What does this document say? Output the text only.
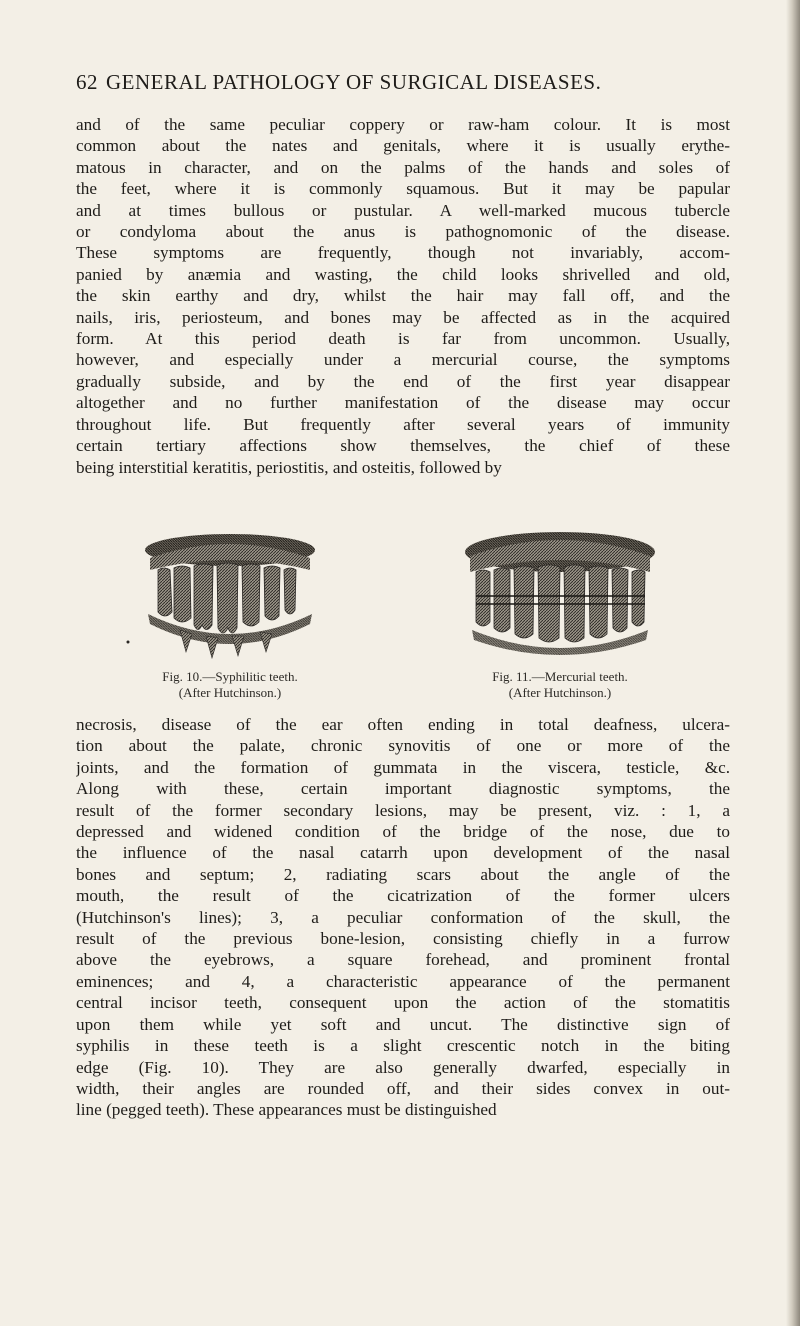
62 GENERAL PATHOLOGY OF SURGICAL DISEASES.
and of the same peculiar coppery or raw-ham colour. It is most
common about the nates and genitals, where it is usually erythe-
matous in character, and on the palms of the hands and soles of
the feet, where it is commonly squamous. But it may be papular
and at times bullous or pustular. A well-marked mucous tubercle
or condyloma about the anus is pathognomonic of the disease.
These symptoms are frequently, though not invariably, accom-
panied by anæmia and wasting, the child looks shrivelled and old,
the skin earthy and dry, whilst the hair may fall off, and the
nails, iris, periosteum, and bones may be affected as in the acquired
form. At this period death is far from uncommon. Usually,
however, and especially under a mercurial course, the symptoms
gradually subside, and by the end of the first year disappear
altogether and no further manifestation of the disease may occur
throughout life. But frequently after several years of immunity
certain tertiary affections show themselves, the chief of these
being interstitial keratitis, periostitis, and osteitis, followed by
Fig. 10.—Syphilitic teeth.
(After Hutchinson.)
Fig. 11.—Mercurial teeth.
(After Hutchinson.)
necrosis, disease of the ear often ending in total deafness, ulcera-
tion about the palate, chronic synovitis of one or more of the
joints, and the formation of gummata in the viscera, testicle, &c.
Along with these, certain important diagnostic symptoms, the
result of the former secondary lesions, may be present, viz. : 1, a
depressed and widened condition of the bridge of the nose, due to
the influence of the nasal catarrh upon development of the nasal
bones and septum; 2, radiating scars about the angle of the
mouth, the result of the cicatrization of the former ulcers
(Hutchinson's lines); 3, a peculiar conformation of the skull, the
result of the previous bone-lesion, consisting chiefly in a furrow
above the eyebrows, a square forehead, and prominent frontal
eminences; and 4, a characteristic appearance of the permanent
central incisor teeth, consequent upon the action of the stomatitis
upon them while yet soft and uncut. The distinctive sign of
syphilis in these teeth is a slight crescentic notch in the biting
edge (Fig. 10). They are also generally dwarfed, especially in
width, their angles are rounded off, and their sides convex in out-
line (pegged teeth). These appearances must be distinguished
